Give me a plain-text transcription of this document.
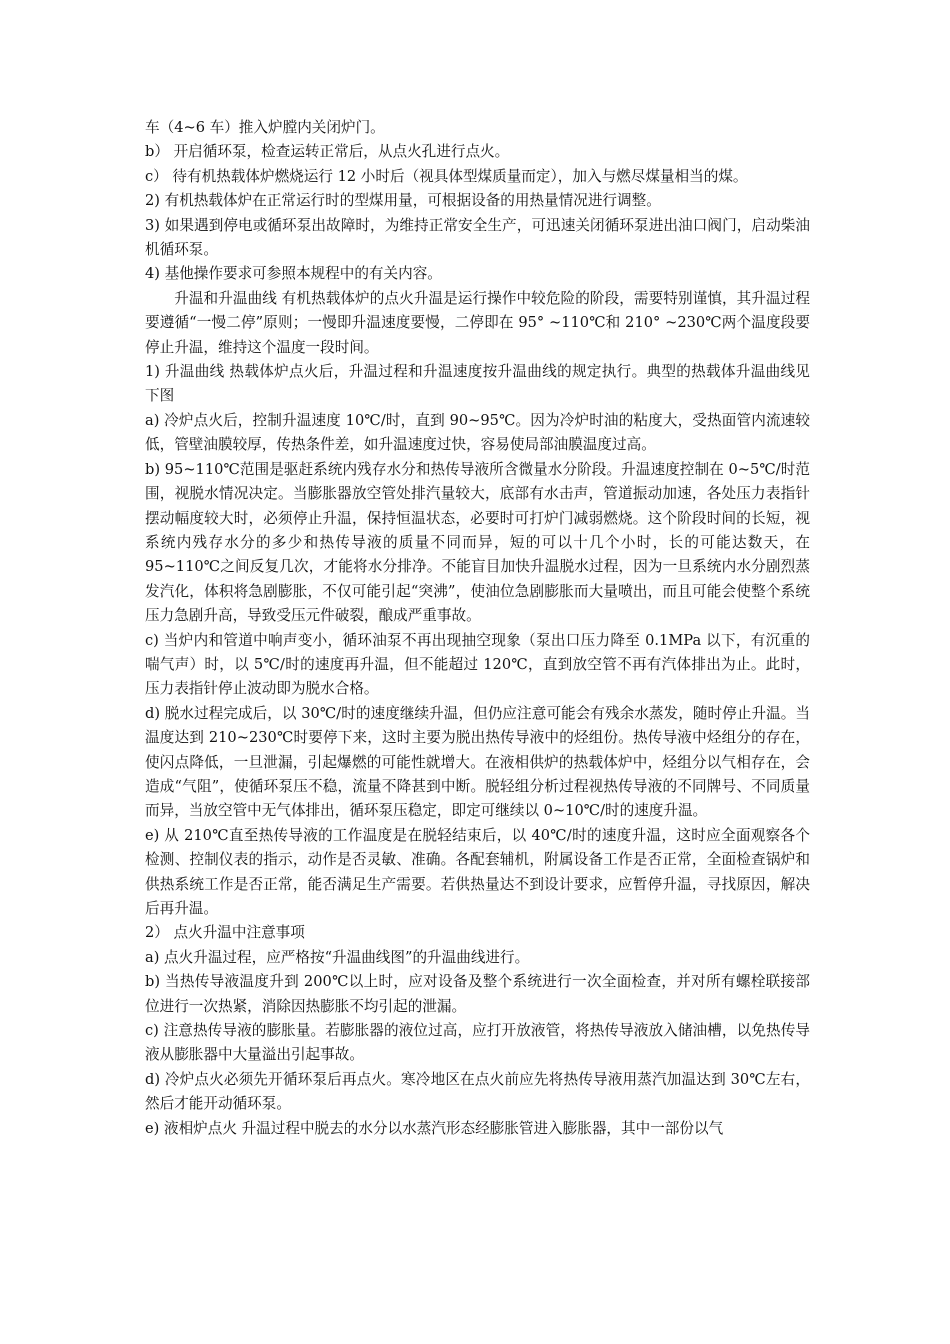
车（4~6 车）推入炉膛内关闭炉门。

b） 开启循环泵，检查运转正常后，从点火孔进行点火。

c） 待有机热载体炉燃烧运行 12 小时后（视具体型煤质量而定），加入与燃尽煤量相当的煤。

2) 有机热载体炉在正常运行时的型煤用量，可根据设备的用热量情况进行调整。

3) 如果遇到停电或循环泵出故障时，为维持正常安全生产，可迅速关闭循环泵进出油口阀门，启动柴油机循环泵。

4) 基他操作要求可参照本规程中的有关内容。

升温和升温曲线 有机热载体炉的点火升温是运行操作中较危险的阶段，需要特别谨慎，其升温过程要遵循“一慢二停”原则；一慢即升温速度要慢，二停即在 95° ~110℃和 210° ~230℃两个温度段要停止升温，维持这个温度一段时间。

1) 升温曲线 热载体炉点火后，升温过程和升温速度按升温曲线的规定执行。典型的热载体升温曲线见下图

a) 冷炉点火后，控制升温速度 10℃/时，直到 90~95℃。因为冷炉时油的粘度大，受热面管内流速较低，管壁油膜较厚，传热条件差，如升温速度过快，容易使局部油膜温度过高。

b) 95~110℃范围是驱赶系统内残存水分和热传导液所含微量水分阶段。升温速度控制在 0~5℃/时范围，视脱水情况决定。当膨胀器放空管处排汽量较大，底部有水击声，管道振动加速，各处压力表指针摆动幅度较大时，必须停止升温，保持恒温状态，必要时可打炉门减弱燃烧。这个阶段时间的长短，视系统内残存水分的多少和热传导液的质量不同而异，短的可以十几个小时，长的可能达数天，在 95~110℃之间反复几次，才能将水分排净。不能盲目加快升温脱水过程，因为一旦系统内水分剧烈蒸发汽化，体积将急剧膨胀，不仅可能引起“突沸”，使油位急剧膨胀而大量喷出，而且可能会使整个系统压力急剧升高，导致受压元件破裂，酿成严重事故。

c) 当炉内和管道中响声变小，循环油泵不再出现抽空现象（泵出口压力降至 0.1MPa 以下，有沉重的喘气声）时，以 5℃/时的速度再升温，但不能超过 120℃，直到放空管不再有汽体排出为止。此时，压力表指针停止波动即为脱水合格。

d) 脱水过程完成后，以 30℃/时的速度继续升温，但仍应注意可能会有残余水蒸发，随时停止升温。当温度达到 210~230℃时要停下来，这时主要为脱出热传导液中的烃组份。热传导液中烃组分的存在，使闪点降低，一旦泄漏，引起爆燃的可能性就增大。在液相供炉的热载体炉中，烃组分以气相存在，会造成“气阻”，使循环泵压不稳，流量不降甚到中断。脱轻组分析过程视热传导液的不同牌号、不同质量而异，当放空管中无气体排出，循环泵压稳定，即定可继续以 0~10℃/时的速度升温。

e) 从 210℃直至热传导液的工作温度是在脱轻结束后，以 40℃/时的速度升温，这时应全面观察各个检测、控制仪表的指示，动作是否灵敏、准确。各配套辅机，附属设备工作是否正常，全面检查锅炉和供热系统工作是否正常，能否满足生产需要。若供热量达不到设计要求，应暂停升温，寻找原因，解决后再升温。

2） 点火升温中注意事项

a) 点火升温过程，应严格按“升温曲线图”的升温曲线进行。

b) 当热传导液温度升到 200℃以上时，应对设备及整个系统进行一次全面检查，并对所有螺栓联接部位进行一次热紧，消除因热膨胀不均引起的泄漏。

c) 注意热传导液的膨胀量。若膨胀器的液位过高，应打开放液管，将热传导液放入储油槽，以免热传导液从膨胀器中大量溢出引起事故。

d) 冷炉点火必须先开循环泵后再点火。寒冷地区在点火前应先将热传导液用蒸汽加温达到 30℃左右，然后才能开动循环泵。

e) 液相炉点火 升温过程中脱去的水分以水蒸汽形态经膨胀管进入膨胀器，其中一部份以气
